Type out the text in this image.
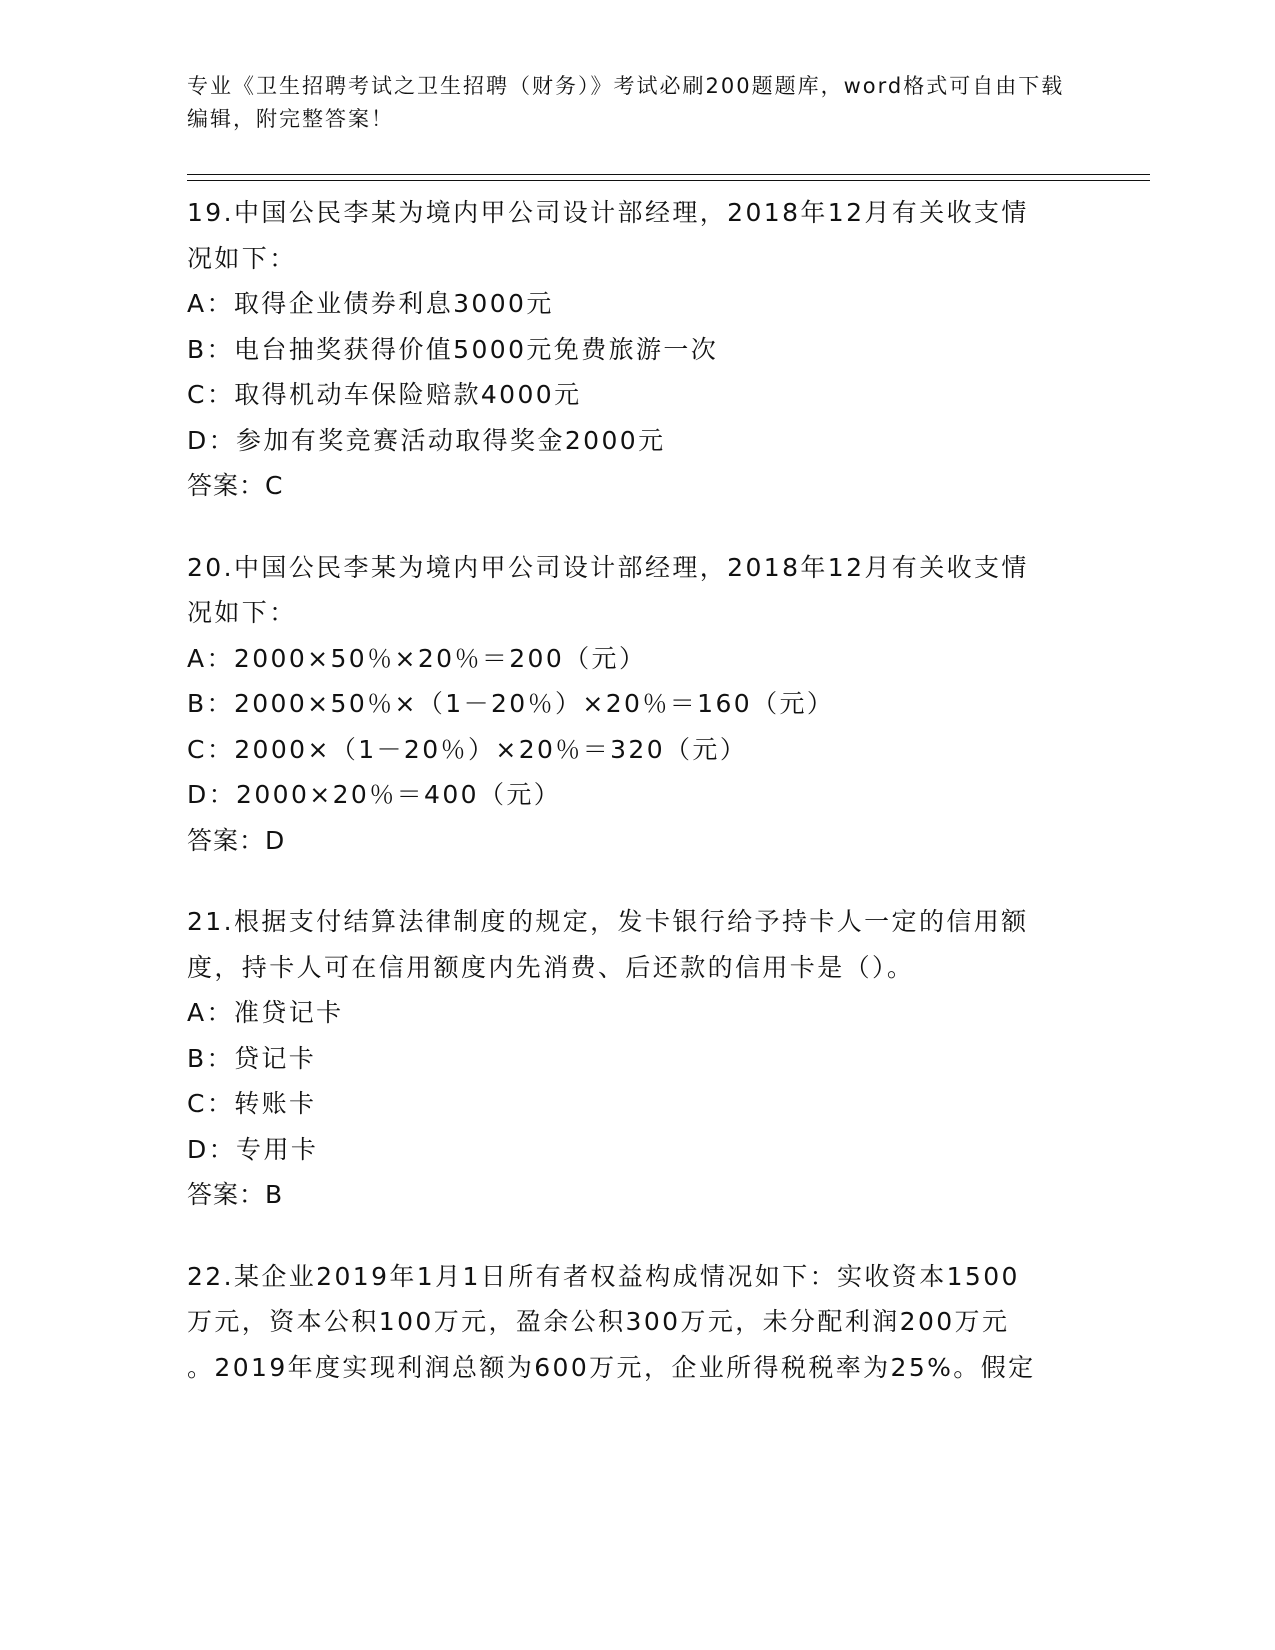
专业《卫生招聘考试之卫生招聘（财务）》考试必刷200题题库，word格式可自由下载编辑，附完整答案！
19.中国公民李某为境内甲公司设计部经理，2018年12月有关收支情
况如下：
A：取得企业债券利息3000元
B：电台抽奖获得价值5000元免费旅游一次
C：取得机动车保险赔款4000元
D：参加有奖竞赛活动取得奖金2000元
答案：C
20.中国公民李某为境内甲公司设计部经理，2018年12月有关收支情
况如下：
A：2000×50％×20％＝200（元）
B：2000×50％×（1－20％）×20％＝160（元）
C：2000×（1－20％）×20％＝320（元）
D：2000×20％＝400（元）
答案：D
21.根据支付结算法律制度的规定，发卡银行给予持卡人一定的信用额
度，持卡人可在信用额度内先消费、后还款的信用卡是（）。
A：准贷记卡
B：贷记卡
C：转账卡
D：专用卡
答案：B
22.某企业2019年1月1日所有者权益构成情况如下：实收资本1500
万元，资本公积100万元，盈余公积300万元，未分配利润200万元
。2019年度实现利润总额为600万元，企业所得税税率为25%。假定
